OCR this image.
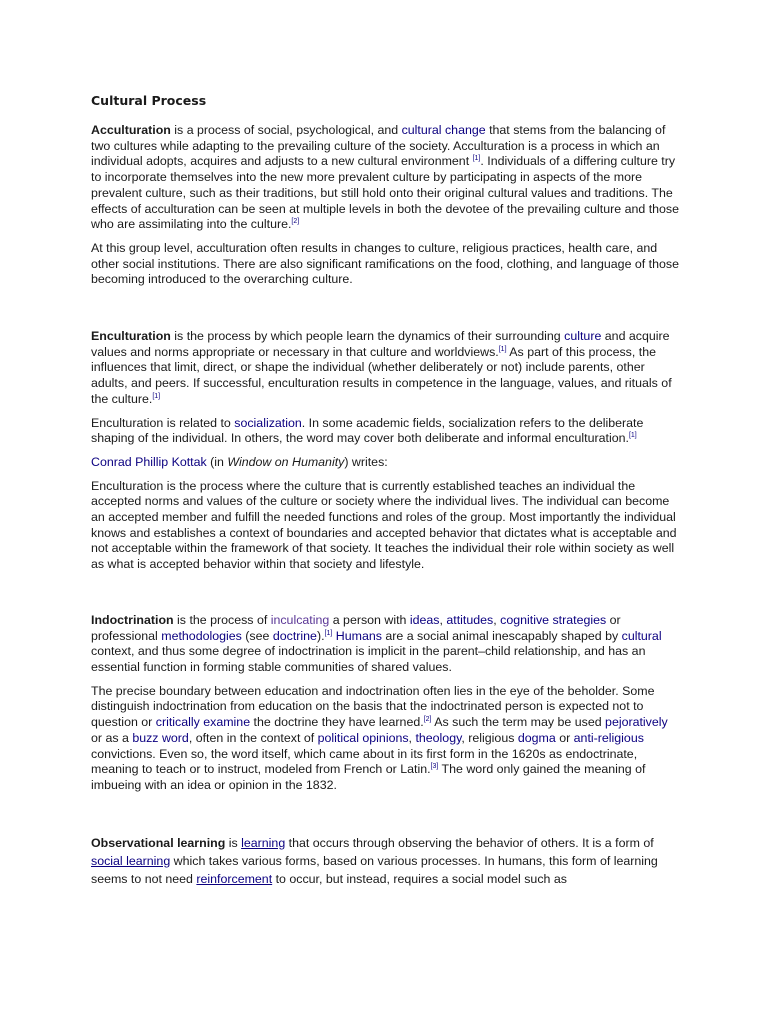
Cultural Process

Acculturation is a process of social, psychological, and cultural change that stems from the balancing of two cultures while adapting to the prevailing culture of the society. Acculturation is a process in which an individual adopts, acquires and adjusts to a new cultural environment [1]. Individuals of a differing culture try to incorporate themselves into the new more prevalent culture by participating in aspects of the more prevalent culture, such as their traditions, but still hold onto their original cultural values and traditions. The effects of acculturation can be seen at multiple levels in both the devotee of the prevailing culture and those who are assimilating into the culture.[2]

At this group level, acculturation often results in changes to culture, religious practices, health care, and other social institutions. There are also significant ramifications on the food, clothing, and language of those becoming introduced to the overarching culture.

Enculturation is the process by which people learn the dynamics of their surrounding culture and acquire values and norms appropriate or necessary in that culture and worldviews.[1] As part of this process, the influences that limit, direct, or shape the individual (whether deliberately or not) include parents, other adults, and peers. If successful, enculturation results in competence in the language, values, and rituals of the culture.[1]

Enculturation is related to socialization. In some academic fields, socialization refers to the deliberate shaping of the individual. In others, the word may cover both deliberate and informal enculturation.[1]

Conrad Phillip Kottak (in Window on Humanity) writes:

Enculturation is the process where the culture that is currently established teaches an individual the accepted norms and values of the culture or society where the individual lives. The individual can become an accepted member and fulfill the needed functions and roles of the group. Most importantly the individual knows and establishes a context of boundaries and accepted behavior that dictates what is acceptable and not acceptable within the framework of that society. It teaches the individual their role within society as well as what is accepted behavior within that society and lifestyle.

Indoctrination is the process of inculcating a person with ideas, attitudes, cognitive strategies or professional methodologies (see doctrine).[1] Humans are a social animal inescapably shaped by cultural context, and thus some degree of indoctrination is implicit in the parent–child relationship, and has an essential function in forming stable communities of shared values.

The precise boundary between education and indoctrination often lies in the eye of the beholder. Some distinguish indoctrination from education on the basis that the indoctrinated person is expected not to question or critically examine the doctrine they have learned.[2] As such the term may be used pejoratively or as a buzz word, often in the context of political opinions, theology, religious dogma or anti-religious convictions. Even so, the word itself, which came about in its first form in the 1620s as endoctrinate, meaning to teach or to instruct, modeled from French or Latin.[3] The word only gained the meaning of imbueing with an idea or opinion in the 1832.

Observational learning is learning that occurs through observing the behavior of others. It is a form of social learning which takes various forms, based on various processes. In humans, this form of learning seems to not need reinforcement to occur, but instead, requires a social model such as
